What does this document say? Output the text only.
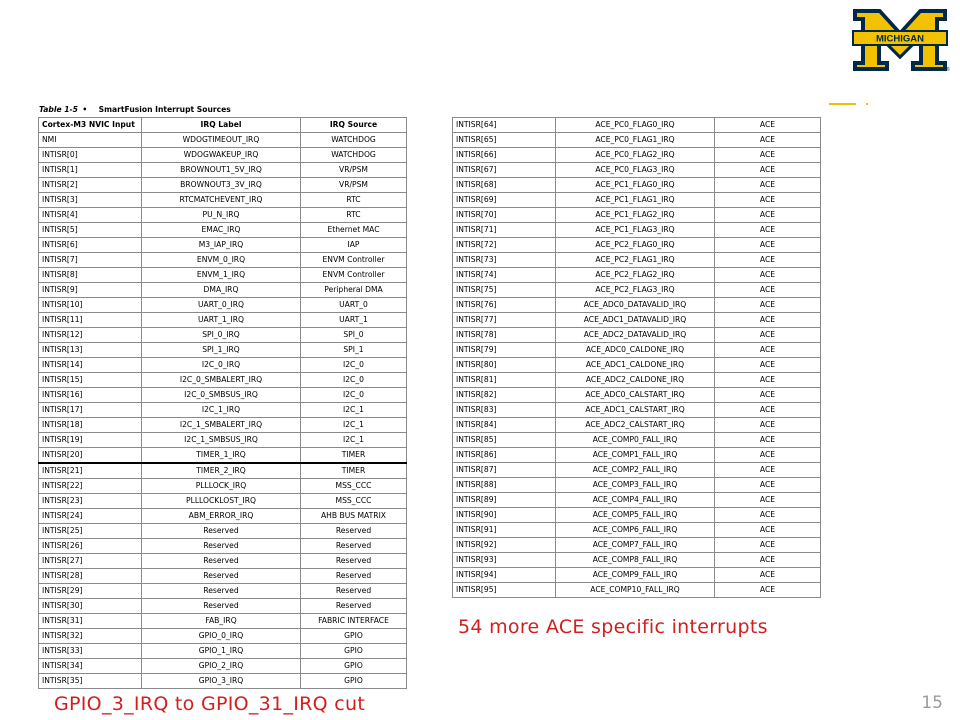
MICHIGAN
®
Table 1-5 • SmartFusion Interrupt Sources
Cortex-M3 NVIC Input	IRQ Label	IRQ Source
NMI	WDOGTIMEOUT_IRQ	WATCHDOG
INTISR[0]	WDOGWAKEUP_IRQ	WATCHDOG
INTISR[1]	BROWNOUT1_5V_IRQ	VR/PSM
INTISR[2]	BROWNOUT3_3V_IRQ	VR/PSM
INTISR[3]	RTCMATCHEVENT_IRQ	RTC
INTISR[4]	PU_N_IRQ	RTC
INTISR[5]	EMAC_IRQ	Ethernet MAC
INTISR[6]	M3_IAP_IRQ	IAP
INTISR[7]	ENVM_0_IRQ	ENVM Controller
INTISR[8]	ENVM_1_IRQ	ENVM Controller
INTISR[9]	DMA_IRQ	Peripheral DMA
INTISR[10]	UART_0_IRQ	UART_0
INTISR[11]	UART_1_IRQ	UART_1
INTISR[12]	SPI_0_IRQ	SPI_0
INTISR[13]	SPI_1_IRQ	SPI_1
INTISR[14]	I2C_0_IRQ	I2C_0
INTISR[15]	I2C_0_SMBALERT_IRQ	I2C_0
INTISR[16]	I2C_0_SMBSUS_IRQ	I2C_0
INTISR[17]	I2C_1_IRQ	I2C_1
INTISR[18]	I2C_1_SMBALERT_IRQ	I2C_1
INTISR[19]	I2C_1_SMBSUS_IRQ	I2C_1
INTISR[20]	TIMER_1_IRQ	TIMER
INTISR[21]	TIMER_2_IRQ	TIMER
INTISR[22]	PLLLOCK_IRQ	MSS_CCC
INTISR[23]	PLLLOCKLOST_IRQ	MSS_CCC
INTISR[24]	ABM_ERROR_IRQ	AHB BUS MATRIX
INTISR[25]	Reserved	Reserved
INTISR[26]	Reserved	Reserved
INTISR[27]	Reserved	Reserved
INTISR[28]	Reserved	Reserved
INTISR[29]	Reserved	Reserved
INTISR[30]	Reserved	Reserved
INTISR[31]	FAB_IRQ	FABRIC INTERFACE
INTISR[32]	GPIO_0_IRQ	GPIO
INTISR[33]	GPIO_1_IRQ	GPIO
INTISR[34]	GPIO_2_IRQ	GPIO
INTISR[35]	GPIO_3_IRQ	GPIO
INTISR[64]	ACE_PC0_FLAG0_IRQ	ACE
INTISR[65]	ACE_PC0_FLAG1_IRQ	ACE
INTISR[66]	ACE_PC0_FLAG2_IRQ	ACE
INTISR[67]	ACE_PC0_FLAG3_IRQ	ACE
INTISR[68]	ACE_PC1_FLAG0_IRQ	ACE
INTISR[69]	ACE_PC1_FLAG1_IRQ	ACE
INTISR[70]	ACE_PC1_FLAG2_IRQ	ACE
INTISR[71]	ACE_PC1_FLAG3_IRQ	ACE
INTISR[72]	ACE_PC2_FLAG0_IRQ	ACE
INTISR[73]	ACE_PC2_FLAG1_IRQ	ACE
INTISR[74]	ACE_PC2_FLAG2_IRQ	ACE
INTISR[75]	ACE_PC2_FLAG3_IRQ	ACE
INTISR[76]	ACE_ADC0_DATAVALID_IRQ	ACE
INTISR[77]	ACE_ADC1_DATAVALID_IRQ	ACE
INTISR[78]	ACE_ADC2_DATAVALID_IRQ	ACE
INTISR[79]	ACE_ADC0_CALDONE_IRQ	ACE
INTISR[80]	ACE_ADC1_CALDONE_IRQ	ACE
INTISR[81]	ACE_ADC2_CALDONE_IRQ	ACE
INTISR[82]	ACE_ADC0_CALSTART_IRQ	ACE
INTISR[83]	ACE_ADC1_CALSTART_IRQ	ACE
INTISR[84]	ACE_ADC2_CALSTART_IRQ	ACE
INTISR[85]	ACE_COMP0_FALL_IRQ	ACE
INTISR[86]	ACE_COMP1_FALL_IRQ	ACE
INTISR[87]	ACE_COMP2_FALL_IRQ	ACE
INTISR[88]	ACE_COMP3_FALL_IRQ	ACE
INTISR[89]	ACE_COMP4_FALL_IRQ	ACE
INTISR[90]	ACE_COMP5_FALL_IRQ	ACE
INTISR[91]	ACE_COMP6_FALL_IRQ	ACE
INTISR[92]	ACE_COMP7_FALL_IRQ	ACE
INTISR[93]	ACE_COMP8_FALL_IRQ	ACE
INTISR[94]	ACE_COMP9_FALL_IRQ	ACE
INTISR[95]	ACE_COMP10_FALL_IRQ	ACE
54 more ACE specific interrupts
GPIO_3_IRQ to GPIO_31_IRQ cut	15
